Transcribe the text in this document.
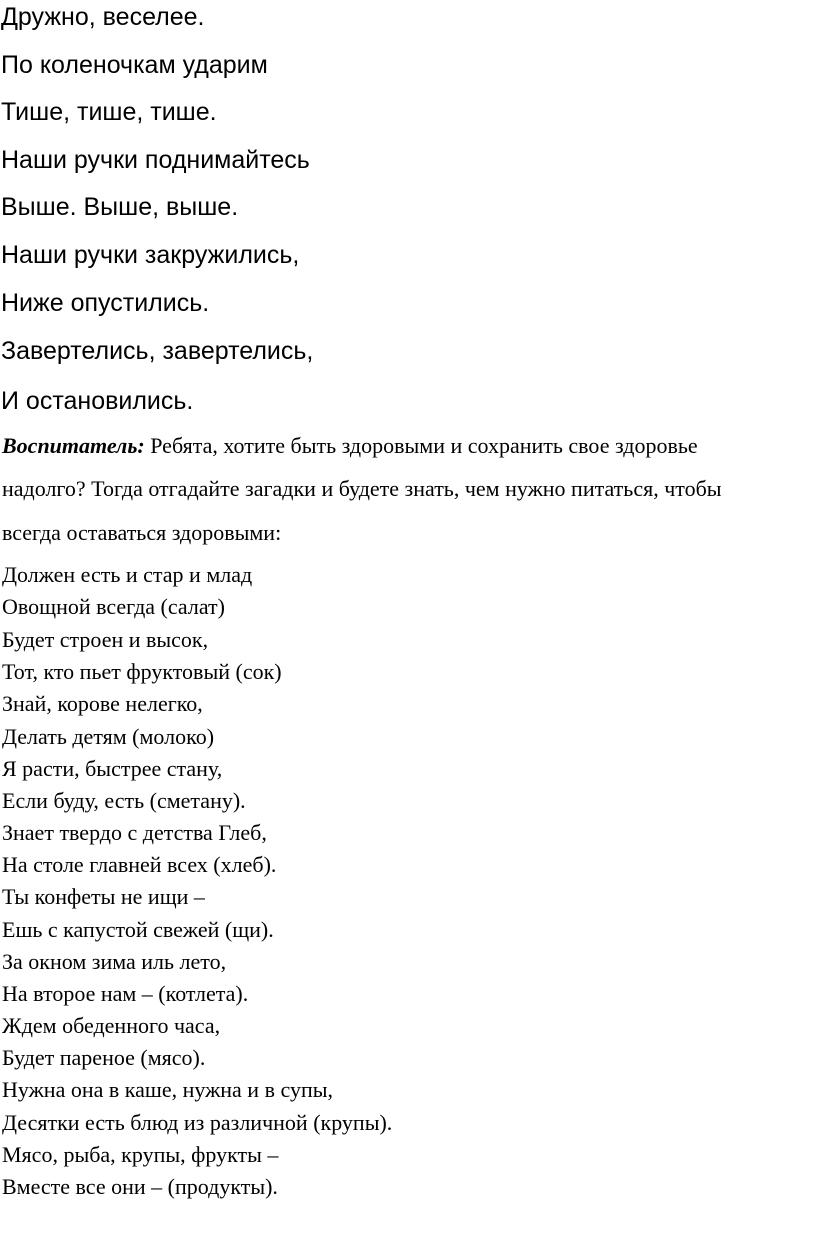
Дружно, веселее.
По коленочкам ударим
Тише, тише, тише.
Наши ручки поднимайтесь
Выше. Выше, выше.
Наши ручки закружились,
Ниже опустились.
Завертелись, завертелись,
И остановились.
Воспитатель: Ребята, хотите быть здоровыми и сохранить свое здоровье
надолго? Тогда отгадайте загадки и будете знать, чем нужно питаться, чтобы
всегда оставаться здоровыми:
Должен есть и стар и млад
Овощной всегда (салат)
Будет строен и высок,
Тот, кто пьет фруктовый (сок)
Знай, корове нелегко,
Делать детям (молоко)
Я расти, быстрее стану,
Если буду, есть (сметану).
Знает твердо с детства Глеб,
На столе главней всех (хлеб).
Ты конфеты не ищи –
Ешь с капустой свежей (щи).
За окном зима иль лето,
На второе нам – (котлета).
Ждем обеденного часа,
Будет пареное (мясо).
Нужна она в каше, нужна и в супы,
Десятки есть блюд из различной (крупы).
Мясо, рыба, крупы, фрукты –
Вместе все они – (продукты).
